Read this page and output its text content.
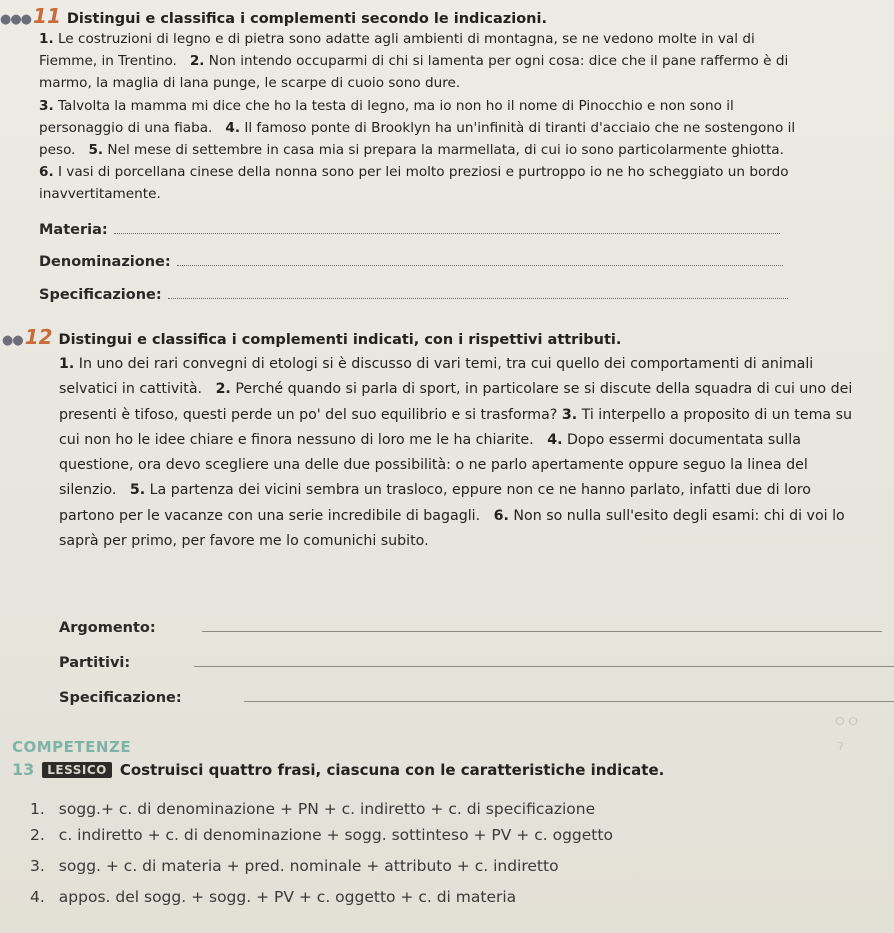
●●● 11 Distingui e classifica i complementi secondo le indicazioni.
1. Le costruzioni di legno e di pietra sono adatte agli ambienti di montagna, se ne vedono molte in val di Fiemme, in Trentino. 2. Non intendo occuparmi di chi si lamenta per ogni cosa: dice che il pane raffermo è di marmo, la maglia di lana punge, le scarpe di cuoio sono dure.
3. Talvolta la mamma mi dice che ho la testa di legno, ma io non ho il nome di Pinocchio e non sono il personaggio di una fiaba. 4. Il famoso ponte di Brooklyn ha un'infinità di tiranti d'acciaio che ne sostengono il peso. 5. Nel mese di settembre in casa mia si prepara la marmellata, di cui io sono particolarmente ghiotta.   6. I vasi di porcellana cinese della nonna sono per lei molto preziosi e purtroppo io ne ho scheggiato un bordo inavvertitamente.
Materia:
Denominazione:
Specificazione:
●● 12 Distingui e classifica i complementi indicati, con i rispettivi attributi.
1. In uno dei rari convegni di etologi si è discusso di vari temi, tra cui quello dei comportamenti di animali selvatici in cattività. 2. Perché quando si parla di sport, in particolare se si discute della squadra di cui uno dei presenti è tifoso, questi perde un po' del suo equilibrio e si trasforma? 3. Ti interpello a proposito di un tema su cui non ho le idee chiare e finora nessuno di loro me le ha chiarite. 4. Dopo essermi documentata sulla questione, ora devo scegliere una delle due possibilità: o ne parlo apertamente oppure seguo la linea del silenzio. 5. La partenza dei vicini sembra un trasloco, eppure non ce ne hanno parlato, infatti due di loro partono per le vacanze con una serie incredibile di bagagli. 6. Non so nulla sull'esito degli esami: chi di voi lo saprà per primo, per favore me lo comunichi subito.
Argomento:
Partitivi:
Specificazione:
ⵔ ⵔ
ʔ
COMPETENZE
13	LESSICO Costruisci quattro frasi, ciascuna con le caratteristiche indicate.
1. sogg.+ c. di denominazione + PN + c. indiretto + c. di specificazione
2. c. indiretto + c. di denominazione + sogg. sottinteso + PV + c. oggetto
3. sogg. + c. di materia + pred. nominale + attributo + c. indiretto
4. appos. del sogg. + sogg. + PV + c. oggetto + c. di materia
